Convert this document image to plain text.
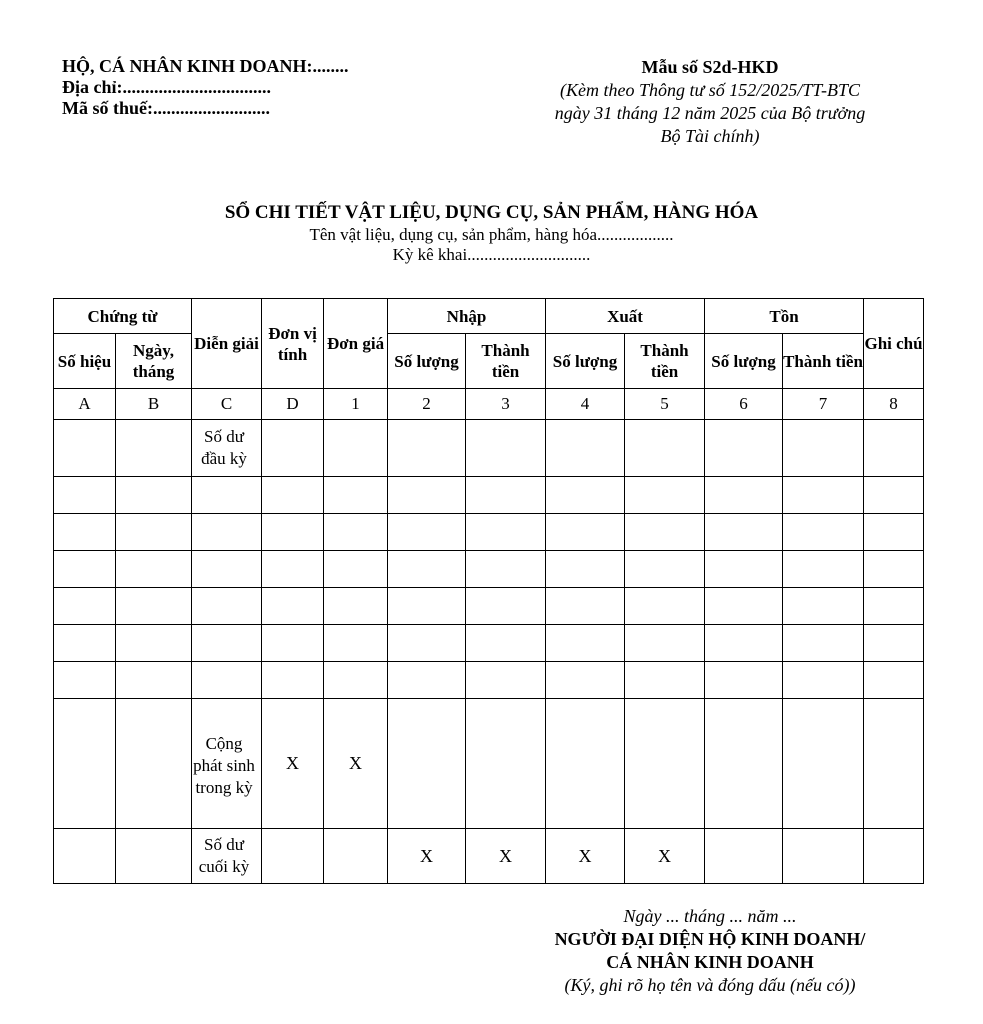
HỘ, CÁ NHÂN KINH DOANH:........
Địa chỉ:.................................
Mã số thuế:..........................
Mẫu số S2d-HKD
(Kèm theo Thông tư số 152/2025/TT-BTC
ngày 31 tháng 12 năm 2025 của Bộ trưởng
Bộ Tài chính)
SỔ CHI TIẾT VẬT LIỆU, DỤNG CỤ, SẢN PHẨM, HÀNG HÓA
Tên vật liệu, dụng cụ, sản phẩm, hàng hóa..................
Kỳ kê khai.............................
Chứng từ		Diễn giải	Đơn vị tính	Đơn giá	Nhập		Xuất		Tồn		Ghi chú
Số hiệu	Ngày, tháng				Số lượng	Thành tiền	Số lượng	Thành tiền	Số lượng	Thành tiền	
A	B	C	D	1	2	3	4	5	6	7	8

		Số dư đầu kỳ									

		Cộng phát sinh trong kỳ	X	X							

		Số dư cuối kỳ			X	X	X	X			
Ngày ... tháng ... năm ...
NGƯỜI ĐẠI DIỆN HỘ KINH DOANH/
CÁ NHÂN KINH DOANH
(Ký, ghi rõ họ tên và đóng dấu (nếu có))
